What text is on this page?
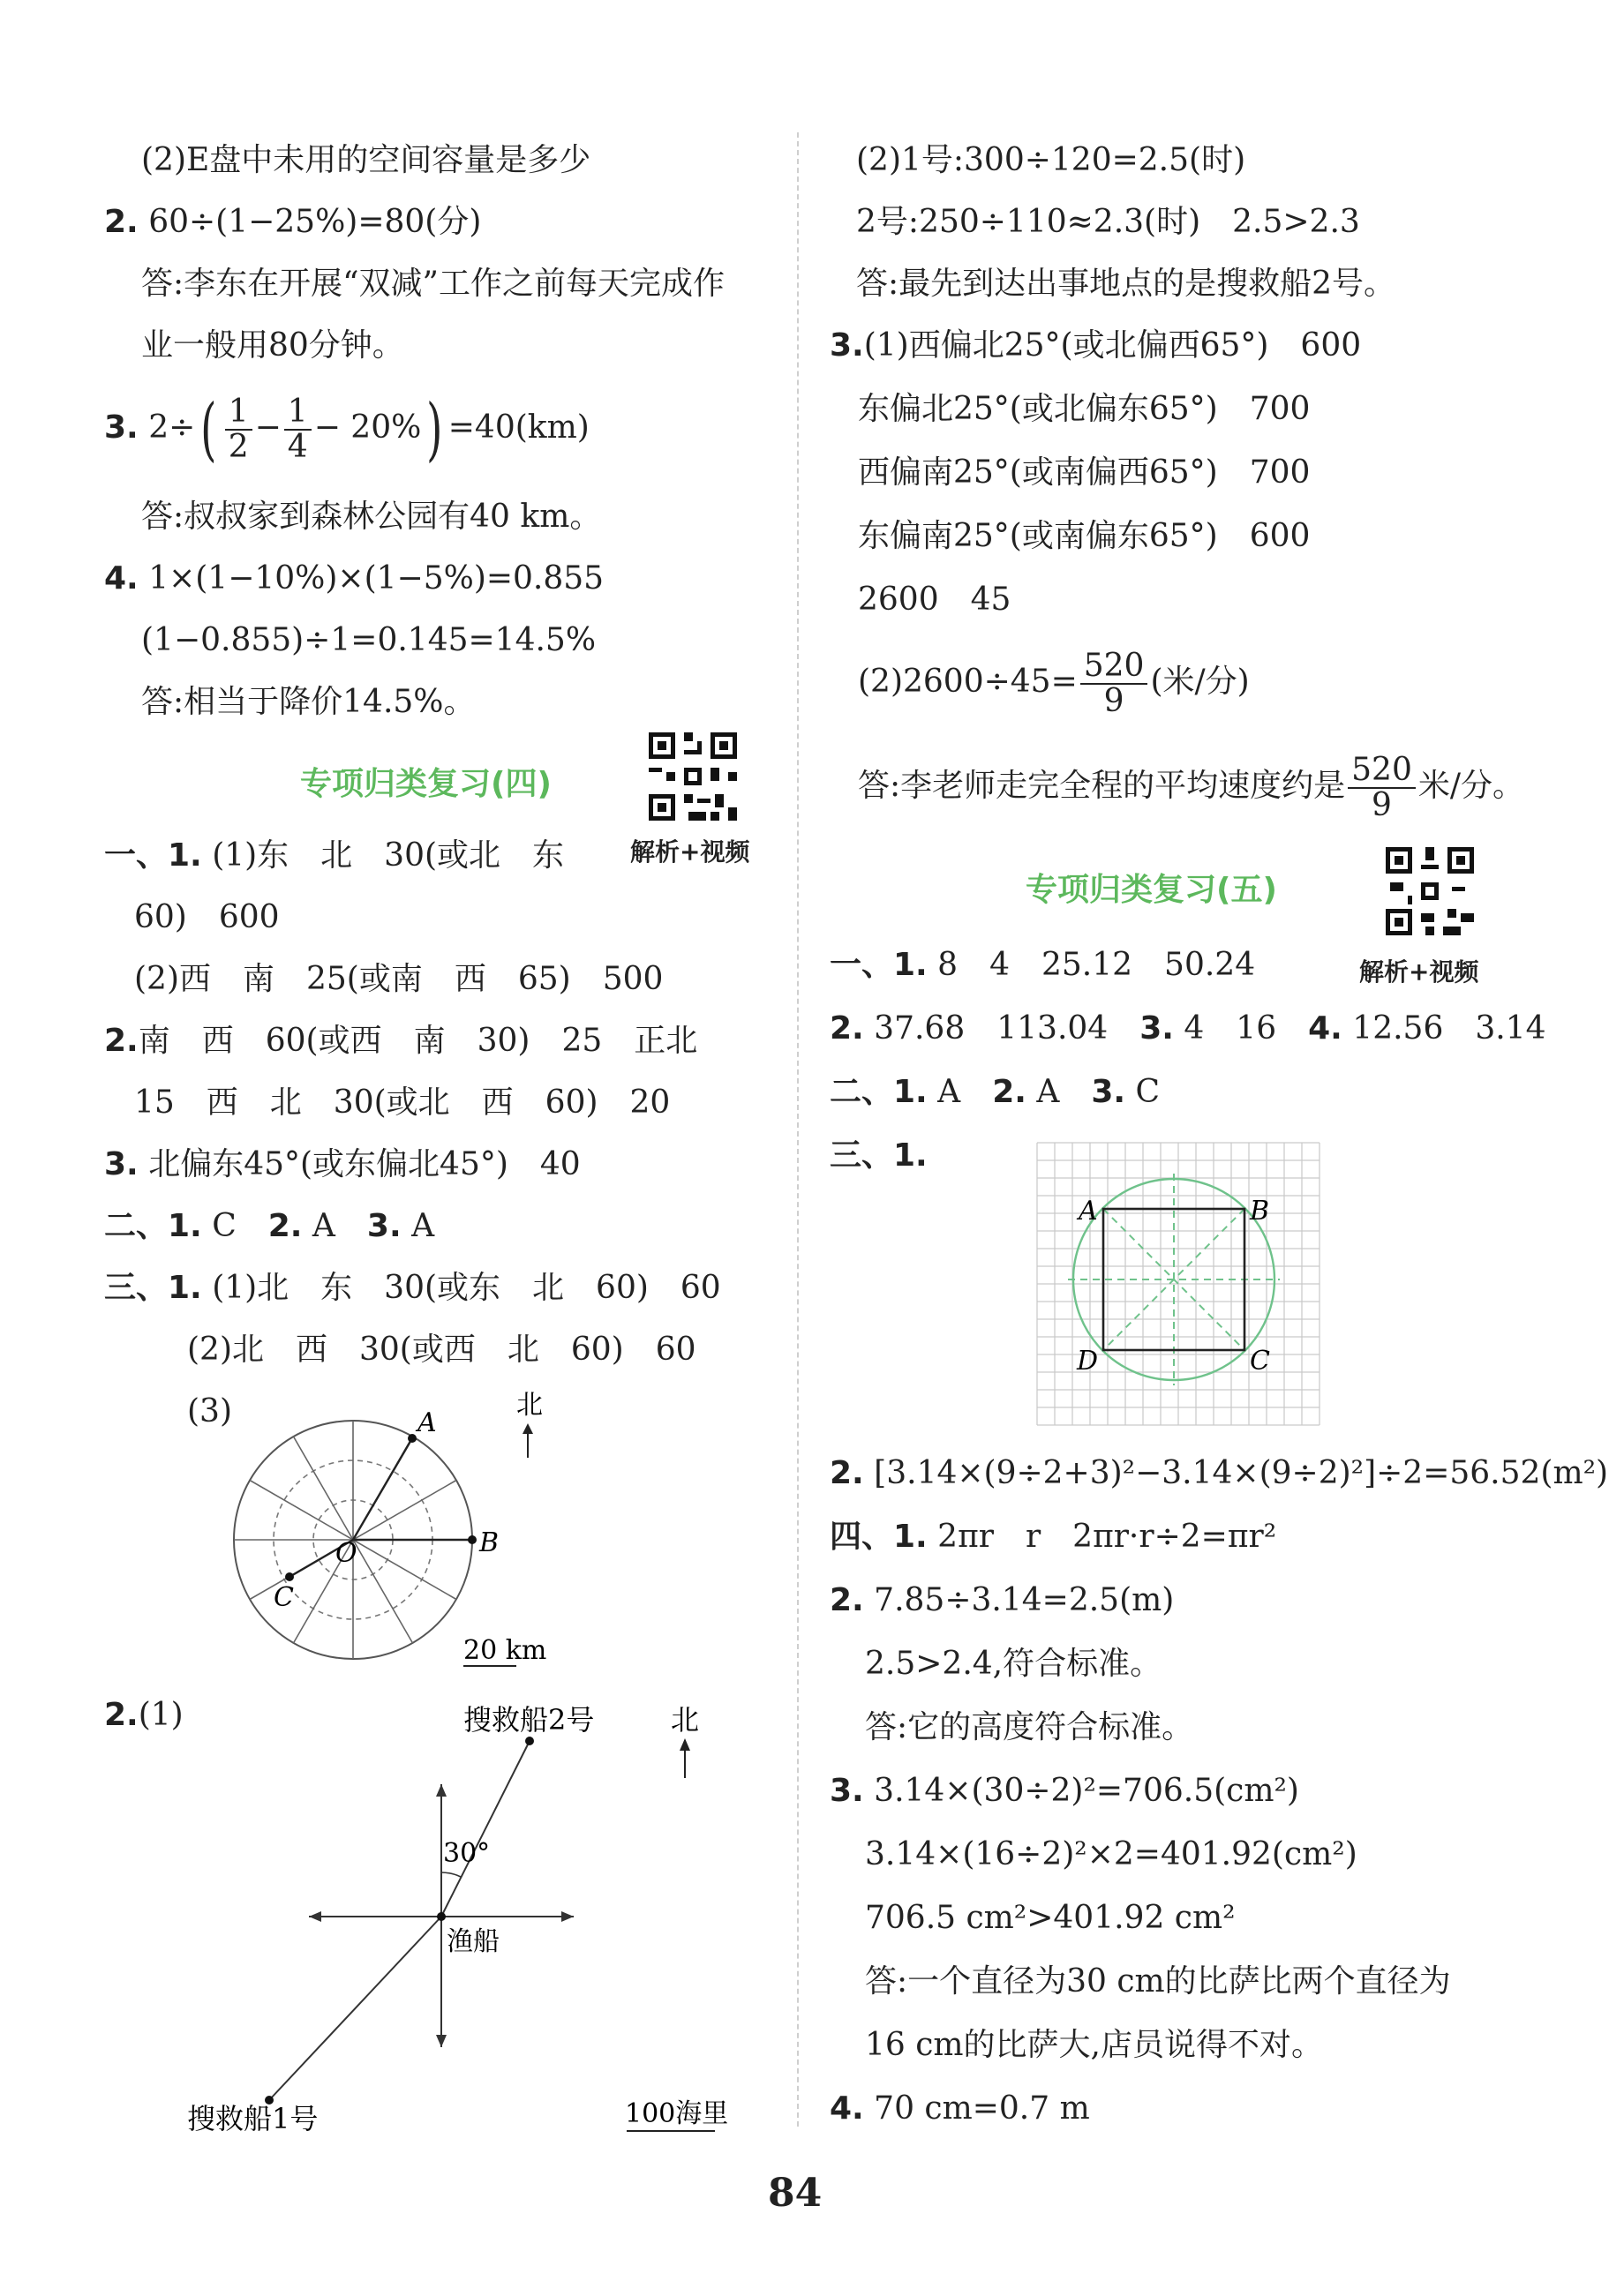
(2)E盘中未用的空间容量是多少
2. 60÷(1−25%)=80(分)
答:李东在开展“双减”工作之前每天完成作
业一般用80分钟。
3. $2\div( \frac{1}{2} - \frac{1}{4} - 20\%) =40(km)$
答:叔叔家到森林公园有40 km。
4. 1×(1−10%)×(1−5%)=0.855
(1−0.855)÷1=0.145=14.5%
答:相当于降价14.5%。
专项归类复习(四)
解析+视频
一、1. (1)东　北　30(或北　东
60)　600
(2)西　南　25(或南　西　65)　500
2.南　西　60(或西　南　30)　25　正北
15　西　北　30(或北　西　60)　20
3. 北偏东45°(或东偏北45°)　40
二、1. C　2. A　3. A
三、1. (1)北　东　30(或东　北　60)　60
(2)北　西　30(或西　北　60)　60
(3)	A
B
C
O
北
20 km
2.(1)	搜救船2号	北
30°
渔船
搜救船1号	100海里
(2)1号:300÷120=2.5(时)
2号:250÷110≈2.3(时)　2.5>2.3
答:最先到达出事地点的是搜救船2号。
3.(1)西偏北25°(或北偏西65°)　600
东偏北25°(或北偏东65°)　700
西偏南25°(或南偏西65°)　700
东偏南25°(或南偏东65°)　600
2600　45
$(2)2600\div 45= \frac{520}{9}$ (米/分)
答:李老师走完全程的平均速度约是 $\frac{520}{9}$ 米/分。
专项归类复习(五)
解析+视频
一、1. 8　4　25.12　50.24
2. 37.68　113.04　3. 4　16　4. 12.56　3.14
二、1. A　2. A　3. C
三、1.
A	B
C
D
2. [3.14×(9÷2+3)²−3.14×(9÷2)²]÷2=56.52(m²)
四、1. 2πr　r　2πr·r÷2=πr²
2. 7.85÷3.14=2.5(m)
2.5>2.4,符合标准。
答:它的高度符合标准。
3. 3.14×(30÷2)²=706.5(cm²)
3.14×(16÷2)²×2=401.92(cm²)
706.5 cm²>401.92 cm²
答:一个直径为30 cm的比萨比两个直径为
16 cm的比萨大,店员说得不对。
4. 70 cm=0.7 m
84
